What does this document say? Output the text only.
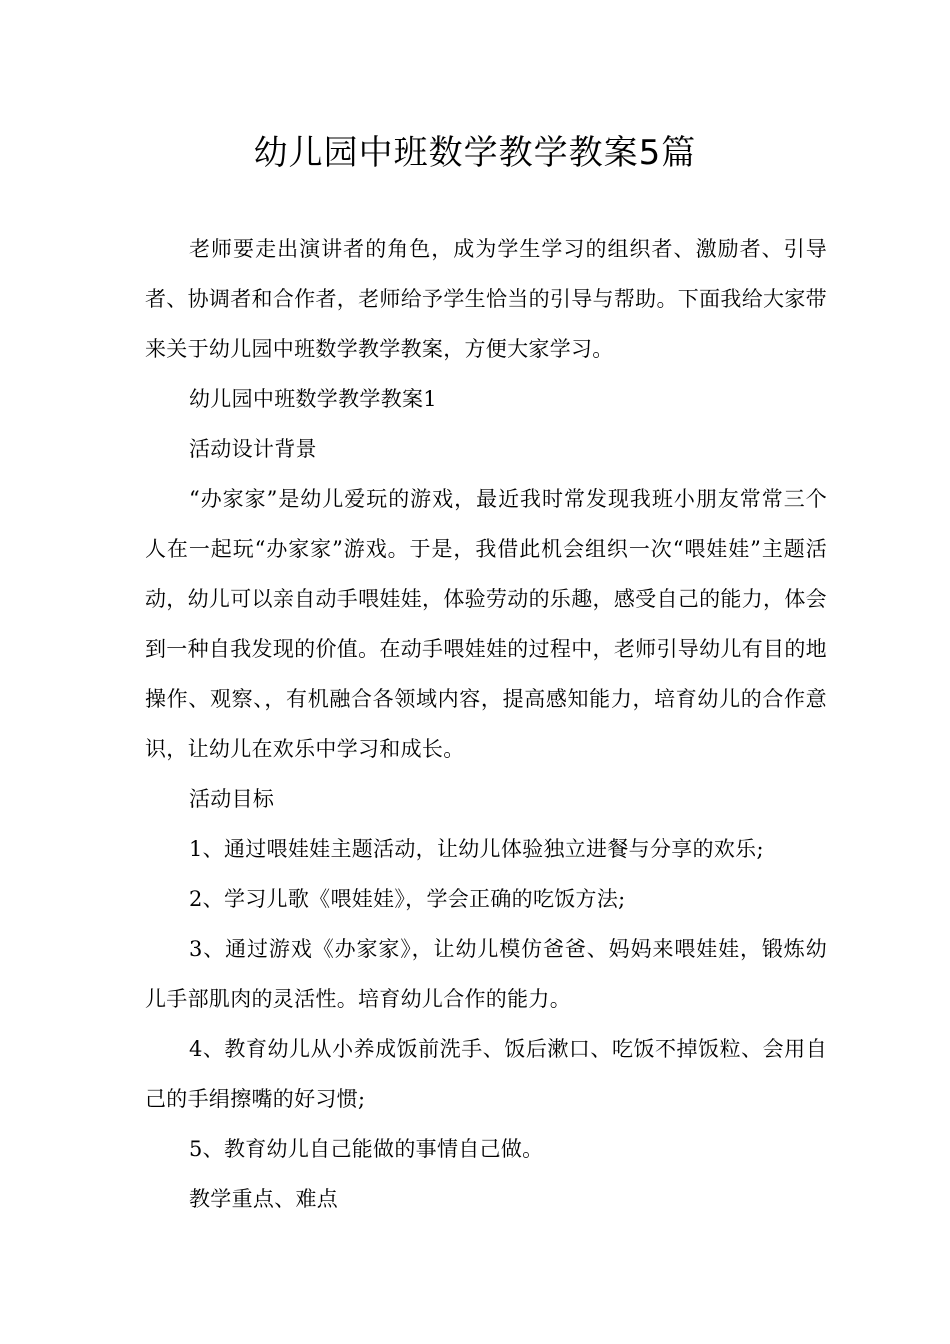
幼儿园中班数学教学教案5篇

老师要走出演讲者的角色，成为学生学习的组织者、激励者、引导者、协调者和合作者，老师给予学生恰当的引导与帮助。下面我给大家带来关于幼儿园中班数学教学教案，方便大家学习。

幼儿园中班数学教学教案1

活动设计背景

“办家家”是幼儿爱玩的游戏，最近我时常发现我班小朋友常常三个人在一起玩“办家家”游戏。于是，我借此机会组织一次“喂娃娃”主题活动，幼儿可以亲自动手喂娃娃，体验劳动的乐趣，感受自己的能力，体会到一种自我发现的价值。在动手喂娃娃的过程中，老师引导幼儿有目的地操作、观察、，有机融合各领域内容，提高感知能力，培育幼儿的合作意识，让幼儿在欢乐中学习和成长。

活动目标

1、通过喂娃娃主题活动，让幼儿体验独立进餐与分享的欢乐;

2、学习儿歌《喂娃娃》，学会正确的吃饭方法;

3、通过游戏《办家家》，让幼儿模仿爸爸、妈妈来喂娃娃，锻炼幼儿手部肌肉的灵活性。培育幼儿合作的能力。

4、教育幼儿从小养成饭前洗手、饭后漱口、吃饭不掉饭粒、会用自己的手绢擦嘴的好习惯;

5、教育幼儿自己能做的事情自己做。

教学重点、难点
